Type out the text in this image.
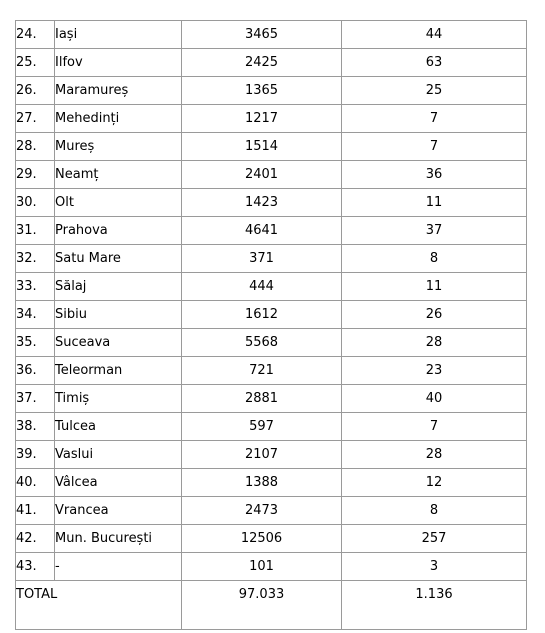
24.	Iași	3465	44
25.	Ilfov	2425	63
26.	Maramureș	1365	25
27.	Mehedinți	1217	7
28.	Mureș	1514	7
29.	Neamț	2401	36
30.	Olt	1423	11
31.	Prahova	4641	37
32.	Satu Mare	371	8
33.	Sălaj	444	11
34.	Sibiu	1612	26
35.	Suceava	5568	28
36.	Teleorman	721	23
37.	Timiș	2881	40
38.	Tulcea	597	7
39.	Vaslui	2107	28
40.	Vâlcea	1388	12
41.	Vrancea	2473	8
42.	Mun. București	12506	257
43.	-	101	3
TOTAL		97.033	1.136
